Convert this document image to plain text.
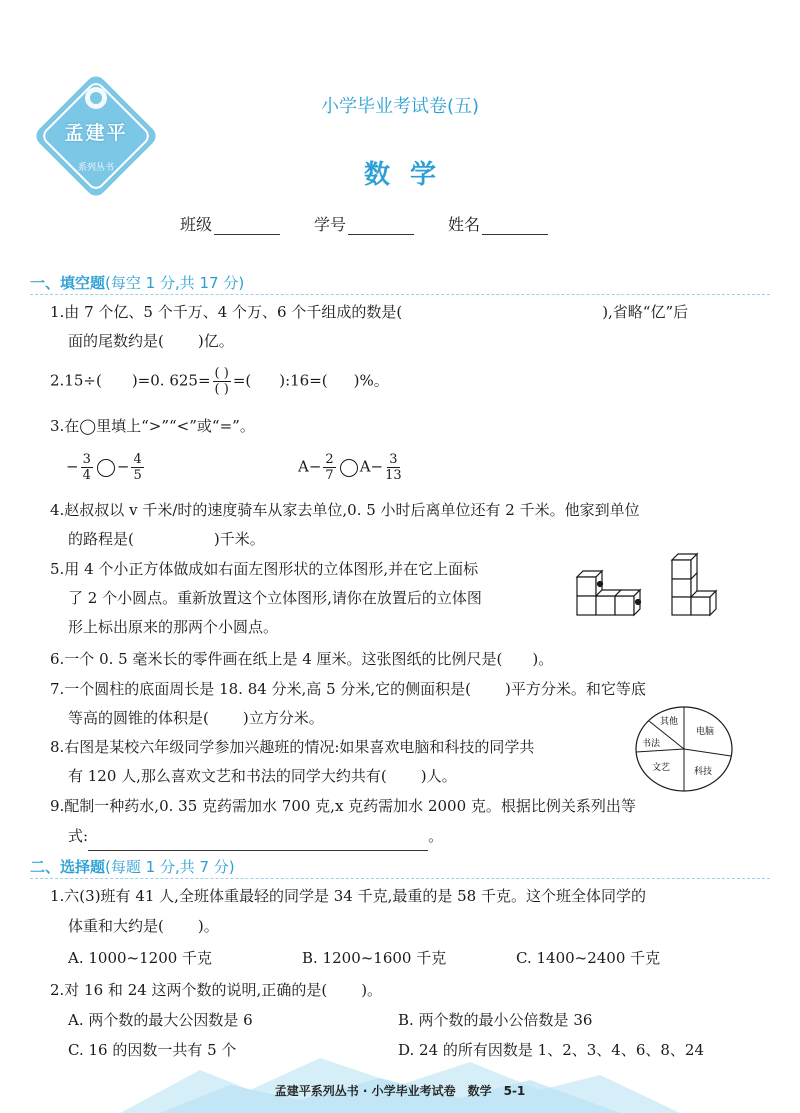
孟建平
系列丛书
小学毕业考试卷(五)
数学
班级	学号	姓名
一、填空题(每空 1 分,共 17 分)
1.由 7 个亿、5 个千万、4 个万、6 个千组成的数是(	),省略“亿”后
面的尾数约是( )亿。
2.15÷( )=0. $625= \frac{( )}{( )}$ =( ):16=( )%。
3.在◯里填上“>”“<”或“=”。
− $\frac{3}{4} - \frac{4}{5}$	$A- \frac{2}{7} A- \frac{3}{13}$
4.赵叔叔以 v 千米/时的速度骑车从家去单位,0. 5 小时后离单位还有 2 千米。他家到单位
的路程是(	)千米。
5.用 4 个小正方体做成如右面左图形状的立体图形,并在它上面标
了 2 个小圆点。重新放置这个立体图形,请你在放置后的立体图
形上标出原来的那两个小圆点。
6.一个 0. 5 毫米长的零件画在纸上是 4 厘米。这张图纸的比例尺是( )。
7.一个圆柱的底面周长是 18. 84 分米,高 5 分米,它的侧面积是( )平方分米。和它等底
等高的圆锥的体积是( )立方分米。
8.右图是某校六年级同学参加兴趣班的情况:如果喜欢电脑和科技的同学共
有 120 人,那么喜欢文艺和书法的同学大约共有( )人。
其他
电脑
书法
文艺	科技
9.配制一种药水,0. 35 克药需加水 700 克,x 克药需加水 2000 克。根据比例关系列出等
式:	。
二、选择题(每题 1 分,共 7 分)
1.六(3)班有 41 人,全班体重最轻的同学是 34 千克,最重的是 58 千克。这个班全体同学的
体重和大约是( )。
A. 1000~1200 千克	B. 1200~1600 千克	C. 1400~2400 千克
2.对 16 和 24 这两个数的说明,正确的是( )。
A. 两个数的最大公因数是 6	B. 两个数的最小公倍数是 36
C. 16 的因数一共有 5 个	D. 24 的所有因数是 1、2、3、4、6、8、24
孟建平系列丛书 · 小学毕业考试卷　数学　5-1
